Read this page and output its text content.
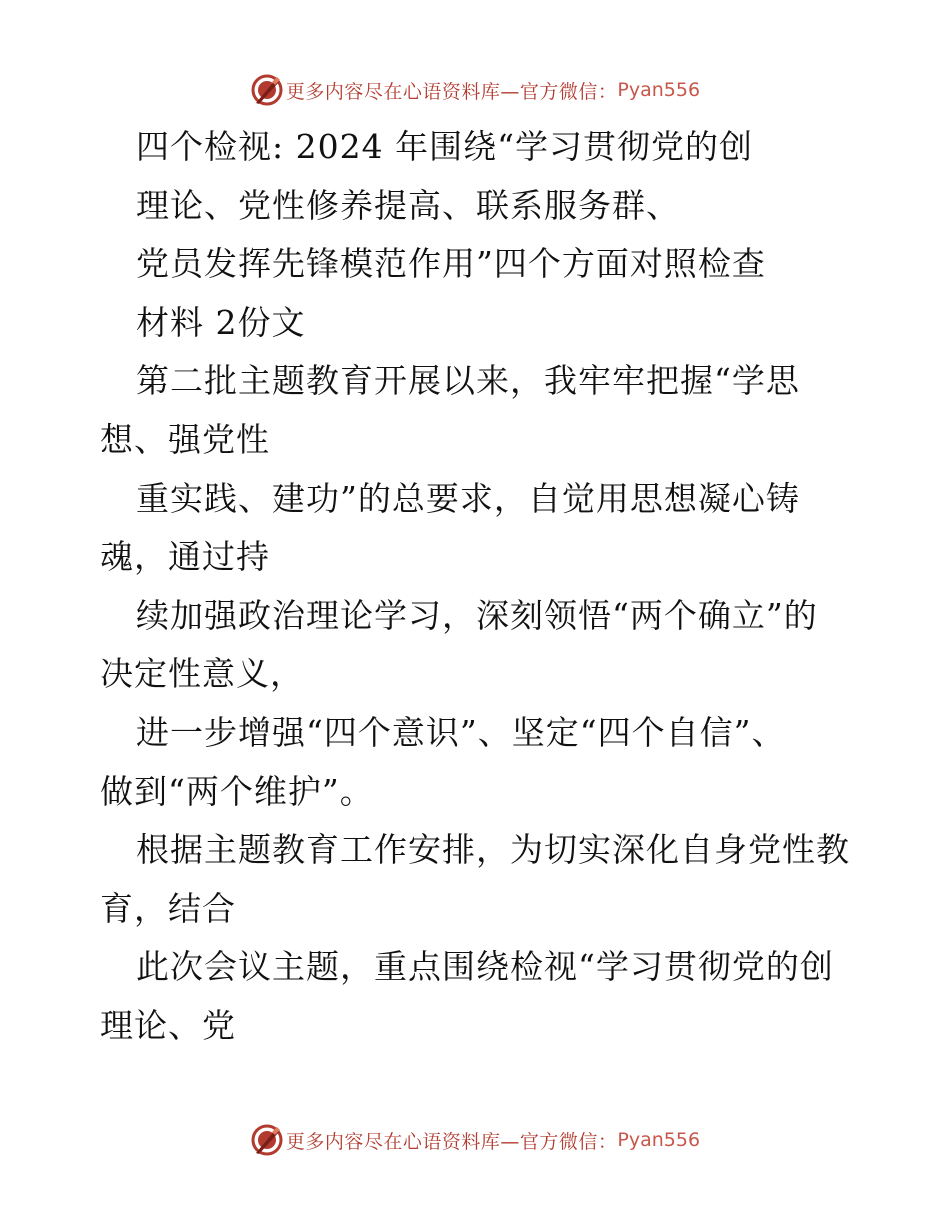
更多内容尽在心语资料库—官方微信： Pyan556
四个检视: 2024 年围绕“学习贯彻党的创
理论、党性修养提高、联系服务群、
党员发挥先锋模范作用”四个方面对照检查
材料 2份文
第二批主题教育开展以来，我牢牢把握“学思
想、强党性
重实践、建功”的总要求，自觉用思想凝心铸
魂，通过持
续加强政治理论学习，深刻领悟“两个确立”的
决定性意义，
进一步增强“四个意识”、坚定“四个自信”、
做到“两个维护”。
根据主题教育工作安排，为切实深化自身党性教
育，结合
此次会议主题，重点围绕检视“学习贯彻党的创
理论、党
更多内容尽在心语资料库—官方微信： Pyan556
